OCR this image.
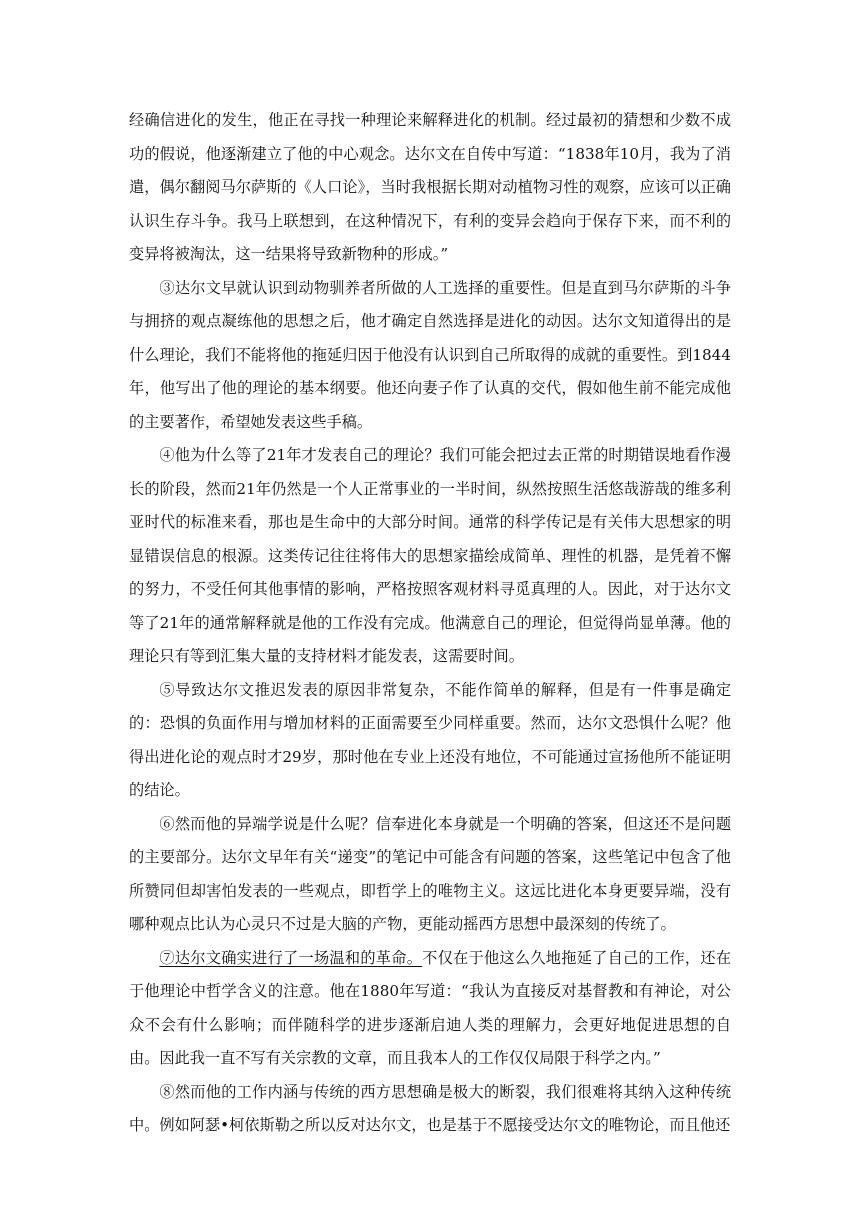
经确信进化的发生，他正在寻找一种理论来解释进化的机制。经过最初的猜想和少数不成功的假说，他逐渐建立了他的中心观念。达尔文在自传中写道：“1838年10月，我为了消遣，偶尔翻阅马尔萨斯的《人口论》，当时我根据长期对动植物习性的观察，应该可以正确认识生存斗争。我马上联想到，在这种情况下，有利的变异会趋向于保存下来，而不利的变异将被淘汰，这一结果将导致新物种的形成。”

③达尔文早就认识到动物驯养者所做的人工选择的重要性。但是直到马尔萨斯的斗争与拥挤的观点凝练他的思想之后，他才确定自然选择是进化的动因。达尔文知道得出的是什么理论，我们不能将他的拖延归因于他没有认识到自己所取得的成就的重要性。到1844年，他写出了他的理论的基本纲要。他还向妻子作了认真的交代，假如他生前不能完成他的主要著作，希望她发表这些手稿。

④他为什么等了21年才发表自己的理论？我们可能会把过去正常的时期错误地看作漫长的阶段，然而21年仍然是一个人正常事业的一半时间，纵然按照生活悠哉游哉的维多利亚时代的标准来看，那也是生命中的大部分时间。通常的科学传记是有关伟大思想家的明显错误信息的根源。这类传记往往将伟大的思想家描绘成简单、理性的机器，是凭着不懈的努力，不受任何其他事情的影响，严格按照客观材料寻觅真理的人。因此，对于达尔文等了21年的通常解释就是他的工作没有完成。他满意自己的理论，但觉得尚显单薄。他的理论只有等到汇集大量的支持材料才能发表，这需要时间。

⑤导致达尔文推迟发表的原因非常复杂，不能作简单的解释，但是有一件事是确定的：恐惧的负面作用与增加材料的正面需要至少同样重要。然而，达尔文恐惧什么呢？他得出进化论的观点时才29岁，那时他在专业上还没有地位，不可能通过宣扬他所不能证明的结论。

⑥然而他的异端学说是什么呢？信奉进化本身就是一个明确的答案，但这还不是问题的主要部分。达尔文早年有关“递变”的笔记中可能含有问题的答案，这些笔记中包含了他所赞同但却害怕发表的一些观点，即哲学上的唯物主义。这远比进化本身更要异端，没有哪种观点比认为心灵只不过是大脑的产物，更能动摇西方思想中最深刻的传统了。

⑦达尔文确实进行了一场温和的革命。不仅在于他这么久地拖延了自己的工作，还在于他理论中哲学含义的注意。他在1880年写道：“我认为直接反对基督教和有神论，对公众不会有什么影响；而伴随科学的进步逐渐启迪人类的理解力，会更好地促进思想的自由。因此我一直不写有关宗教的文章，而且我本人的工作仅仅局限于科学之内。”

⑧然而他的工作内涵与传统的西方思想确是极大的断裂，我们很难将其纳入这种传统中。例如阿瑟•柯依斯勒之所以反对达尔文，也是基于不愿接受达尔文的唯物论，而且他还
